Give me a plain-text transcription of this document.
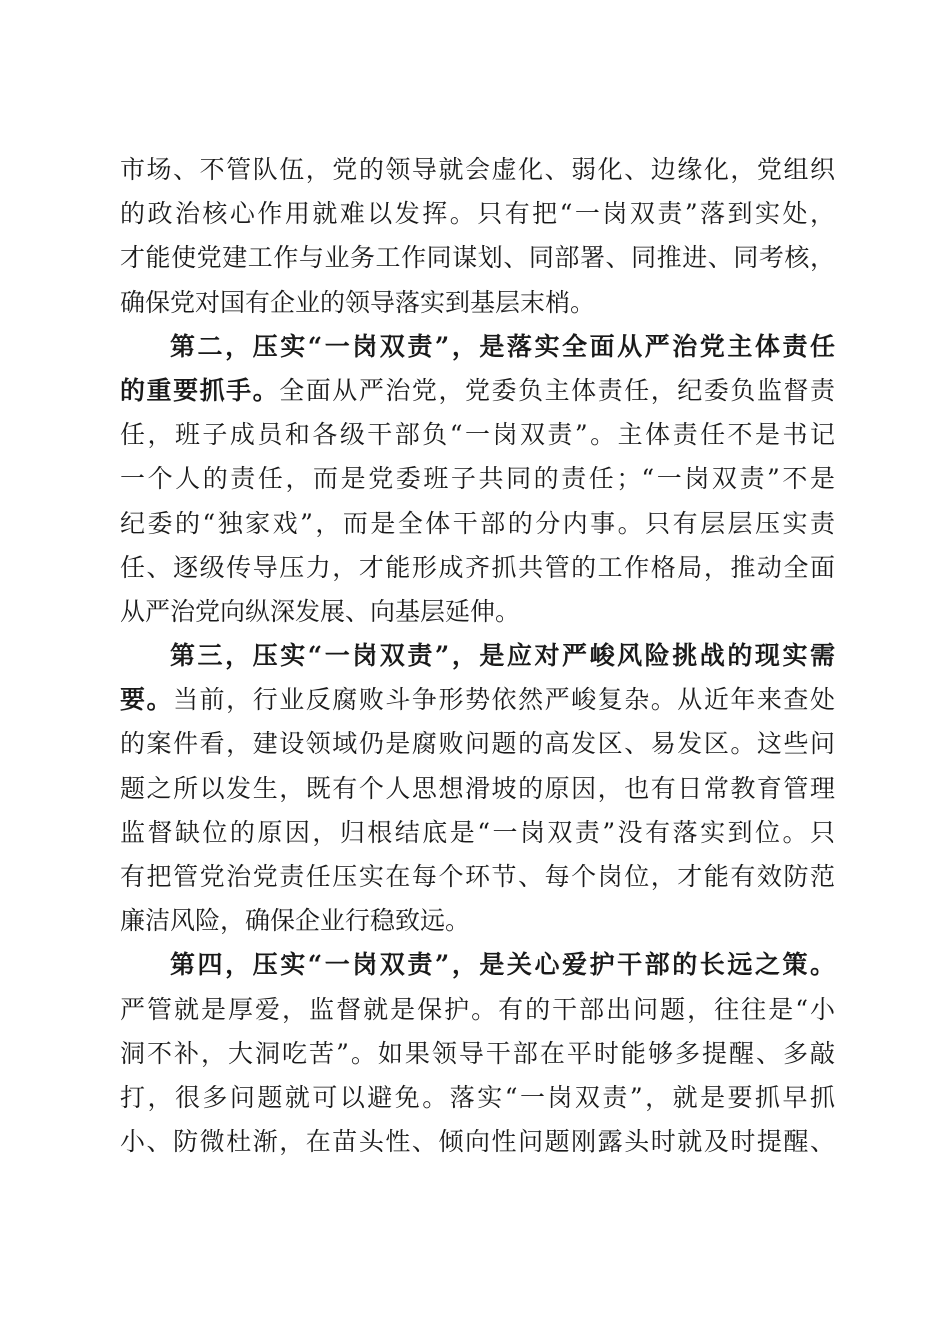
市场、不管队伍，党的领导就会虚化、弱化、边缘化，党组织
的政治核心作用就难以发挥。只有把“一岗双责”落到实处，
才能使党建工作与业务工作同谋划、同部署、同推进、同考核，
确保党对国有企业的领导落实到基层末梢。
第二，压实“一岗双责”，是落实全面从严治党主体责任
的重要抓手。全面从严治党，党委负主体责任，纪委负监督责
任，班子成员和各级干部负“一岗双责”。主体责任不是书记
一个人的责任，而是党委班子共同的责任；“一岗双责”不是
纪委的“独家戏”，而是全体干部的分内事。只有层层压实责
任、逐级传导压力，才能形成齐抓共管的工作格局，推动全面
从严治党向纵深发展、向基层延伸。
第三，压实“一岗双责”，是应对严峻风险挑战的现实需
要。当前，行业反腐败斗争形势依然严峻复杂。从近年来查处
的案件看，建设领域仍是腐败问题的高发区、易发区。这些问
题之所以发生，既有个人思想滑坡的原因，也有日常教育管理
监督缺位的原因，归根结底是“一岗双责”没有落实到位。只
有把管党治党责任压实在每个环节、每个岗位，才能有效防范
廉洁风险，确保企业行稳致远。
第四，压实“一岗双责”，是关心爱护干部的长远之策。
严管就是厚爱，监督就是保护。有的干部出问题，往往是“小
洞不补，大洞吃苦”。如果领导干部在平时能够多提醒、多敲
打，很多问题就可以避免。落实“一岗双责”，就是要抓早抓
小、防微杜渐，在苗头性、倾向性问题刚露头时就及时提醒、
